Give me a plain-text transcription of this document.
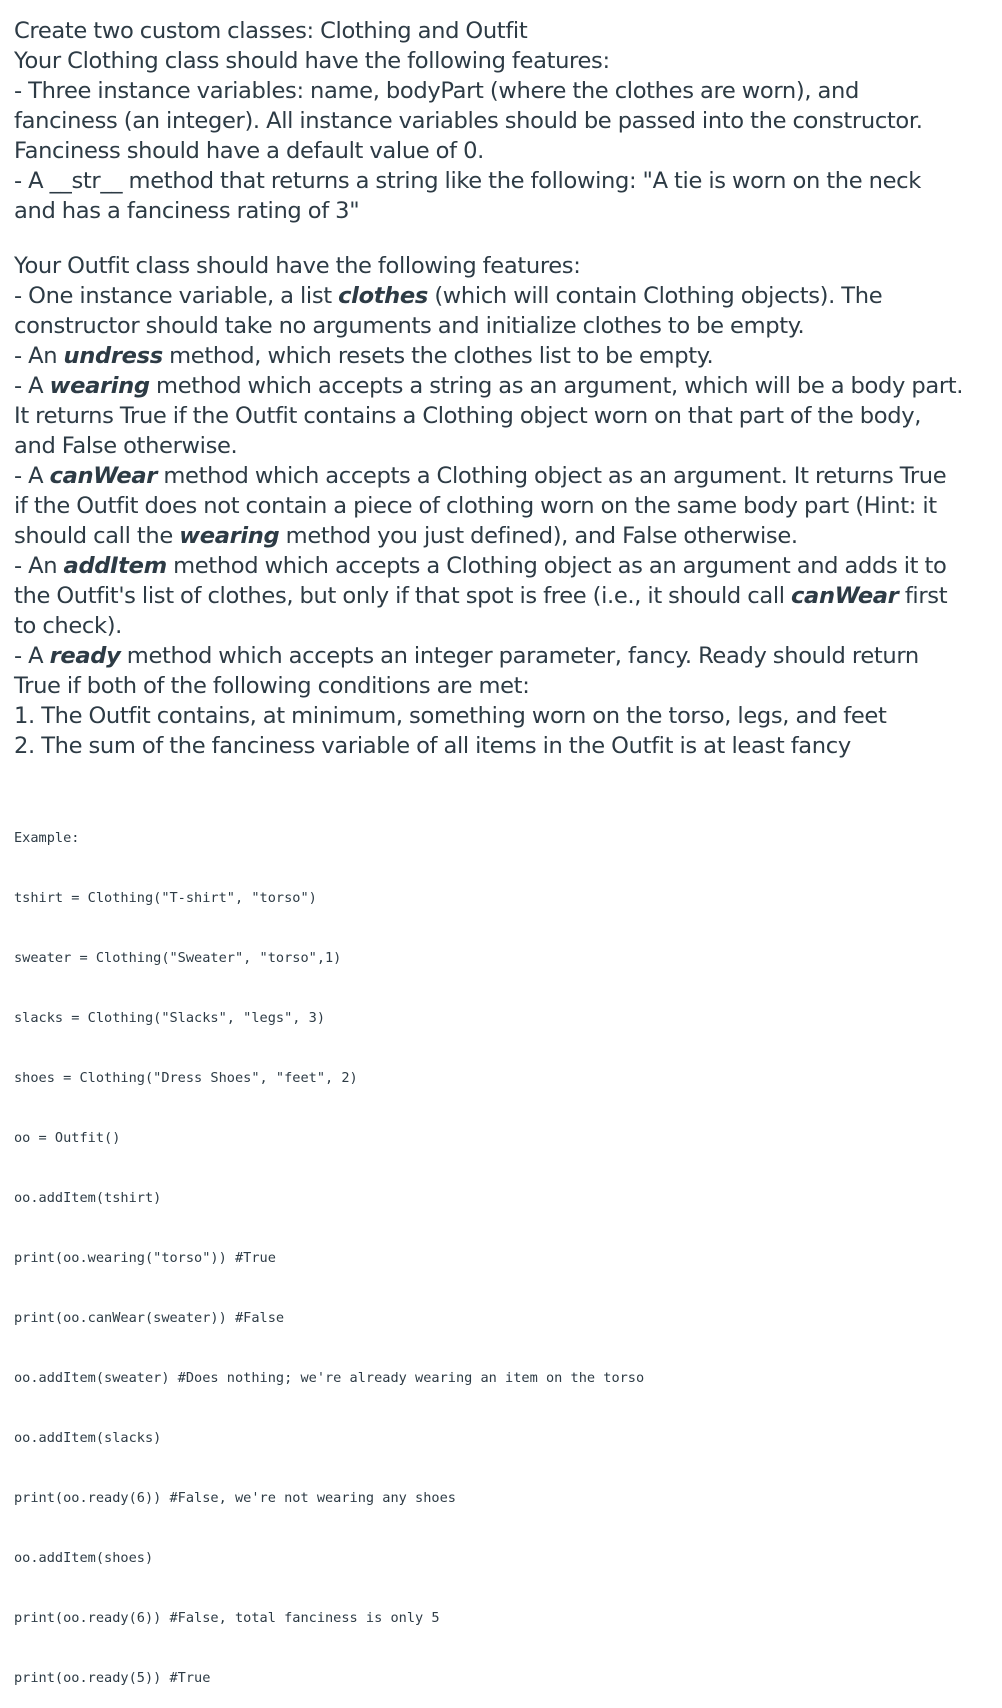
Create two custom classes: Clothing and Outfit
Your Clothing class should have the following features:
- Three instance variables: name, bodyPart (where the clothes are worn), and
fanciness (an integer). All instance variables should be passed into the constructor.
Fanciness should have a default value of 0.
- A __str__ method that returns a string like the following: "A tie is worn on the neck
and has a fanciness rating of 3"
Your Outfit class should have the following features:
- One instance variable, a list clothes (which will contain Clothing objects). The
constructor should take no arguments and initialize clothes to be empty.
- An undress method, which resets the clothes list to be empty.
- A wearing method which accepts a string as an argument, which will be a body part.
It returns True if the Outfit contains a Clothing object worn on that part of the body,
and False otherwise.
- A canWear method which accepts a Clothing object as an argument. It returns True
if the Outfit does not contain a piece of clothing worn on the same body part (Hint: it
should call the wearing method you just defined), and False otherwise.
- An addItem method which accepts a Clothing object as an argument and adds it to
the Outfit's list of clothes, but only if that spot is free (i.e., it should call canWear first
to check).
- A ready method which accepts an integer parameter, fancy. Ready should return
True if both of the following conditions are met:
1. The Outfit contains, at minimum, something worn on the torso, legs, and feet
2. The sum of the fanciness variable of all items in the Outfit is at least fancy

Example:

tshirt = Clothing("T-shirt", "torso")

sweater = Clothing("Sweater", "torso",1)

slacks = Clothing("Slacks", "legs", 3)

shoes = Clothing("Dress Shoes", "feet", 2)

oo = Outfit()

oo.addItem(tshirt)

print(oo.wearing("torso")) #True

print(oo.canWear(sweater)) #False

oo.addItem(sweater) #Does nothing; we're already wearing an item on the torso

oo.addItem(slacks)

print(oo.ready(6)) #False, we're not wearing any shoes

oo.addItem(shoes)

print(oo.ready(6)) #False, total fanciness is only 5

print(oo.ready(5)) #True
